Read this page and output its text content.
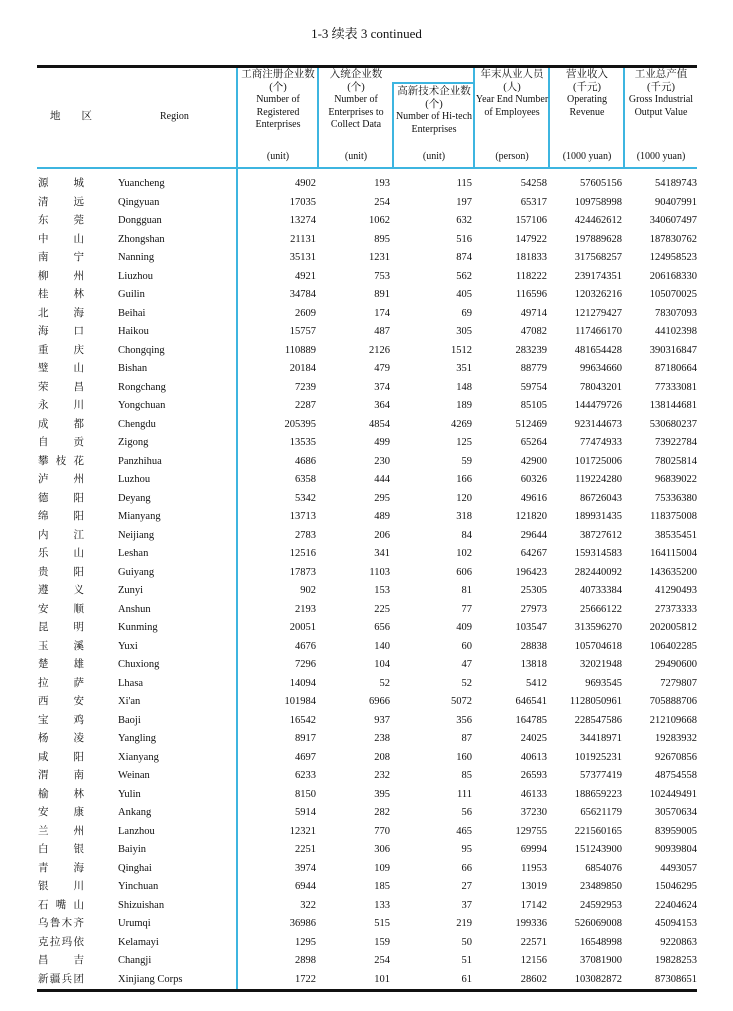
1-3 续表 3 continued
地　　区	Region
工商注册企业数
(个)
Number of Registered Enterprises
(unit)
入统企业数
(个)
Number of Enterprises to Collect Data
(unit)
高新技术企业数
(个)
Number of Hi-tech Enterprises
(unit)
年末从业人员
(人)
Year End Number of Employees
(person)
营业收入
(千元)
Operating Revenue
(1000 yuan)
工业总产值
(千元)
Gross Industrial Output Value
(1000 yuan)
源城	Yuancheng	4902	193	115	54258	57605156	54189743
清远	Qingyuan	17035	254	197	65317	109758998	90407991
东莞	Dongguan	13274	1062	632	157106	424462612	340607497
中山	Zhongshan	21131	895	516	147922	197889628	187830762
南宁	Nanning	35131	1231	874	181833	317568257	124958523
柳州	Liuzhou	4921	753	562	118222	239174351	206168330
桂林	Guilin	34784	891	405	116596	120326216	105070025
北海	Beihai	2609	174	69	49714	121279427	78307093
海口	Haikou	15757	487	305	47082	117466170	44102398
重庆	Chongqing	110889	2126	1512	283239	481654428	390316847
璧山	Bishan	20184	479	351	88779	99634660	87180664
荣昌	Rongchang	7239	374	148	59754	78043201	77333081
永川	Yongchuan	2287	364	189	85105	144479726	138144681
成都	Chengdu	205395	4854	4269	512469	923144673	530680237
自贡	Zigong	13535	499	125	65264	77474933	73922784
攀枝花	Panzhihua	4686	230	59	42900	101725006	78025814
泸州	Luzhou	6358	444	166	60326	119224280	96839022
德阳	Deyang	5342	295	120	49616	86726043	75336380
绵阳	Mianyang	13713	489	318	121820	189931435	118375008
内江	Neijiang	2783	206	84	29644	38727612	38535451
乐山	Leshan	12516	341	102	64267	159314583	164115004
贵阳	Guiyang	17873	1103	606	196423	282440092	143635200
遵义	Zunyi	902	153	81	25305	40733384	41290493
安顺	Anshun	2193	225	77	27973	25666122	27373333
昆明	Kunming	20051	656	409	103547	313596270	202005812
玉溪	Yuxi	4676	140	60	28838	105704618	106402285
楚雄	Chuxiong	7296	104	47	13818	32021948	29490600
拉萨	Lhasa	14094	52	52	5412	9693545	7279807
西安	Xi'an	101984	6966	5072	646541 1128050961	705888706
宝鸡	Baoji	16542	937	356	164785	228547586	212109668
杨凌	Yangling	8917	238	87	24025	34418971	19283932
咸阳	Xianyang	4697	208	160	40613	101925231	92670856
渭南	Weinan	6233	232	85	26593	57377419	48754558
榆林	Yulin	8150	395	111	46133	188659223	102449491
安康	Ankang	5914	282	56	37230	65621179	30570634
兰州	Lanzhou	12321	770	465	129755	221560165	83959005
白银	Baiyin	2251	306	95	69994	151243900	90939804
青海	Qinghai	3974	109	66	11953	6854076	4493057
银川	Yinchuan	6944	185	27	13019	23489850	15046295
石嘴山	Shizuishan	322	133	37	17142	24592953	22404624
乌鲁木齐	Urumqi	36986	515	219	199336	526069008	45094153
克拉玛依	Kelamayi	1295	159	50	22571	16548998	9220863
昌吉	Changji	2898	254	51	12156	37081900	19828253
新疆兵团	Xinjiang Corps	1722	101	61	28602	103082872	87308651
